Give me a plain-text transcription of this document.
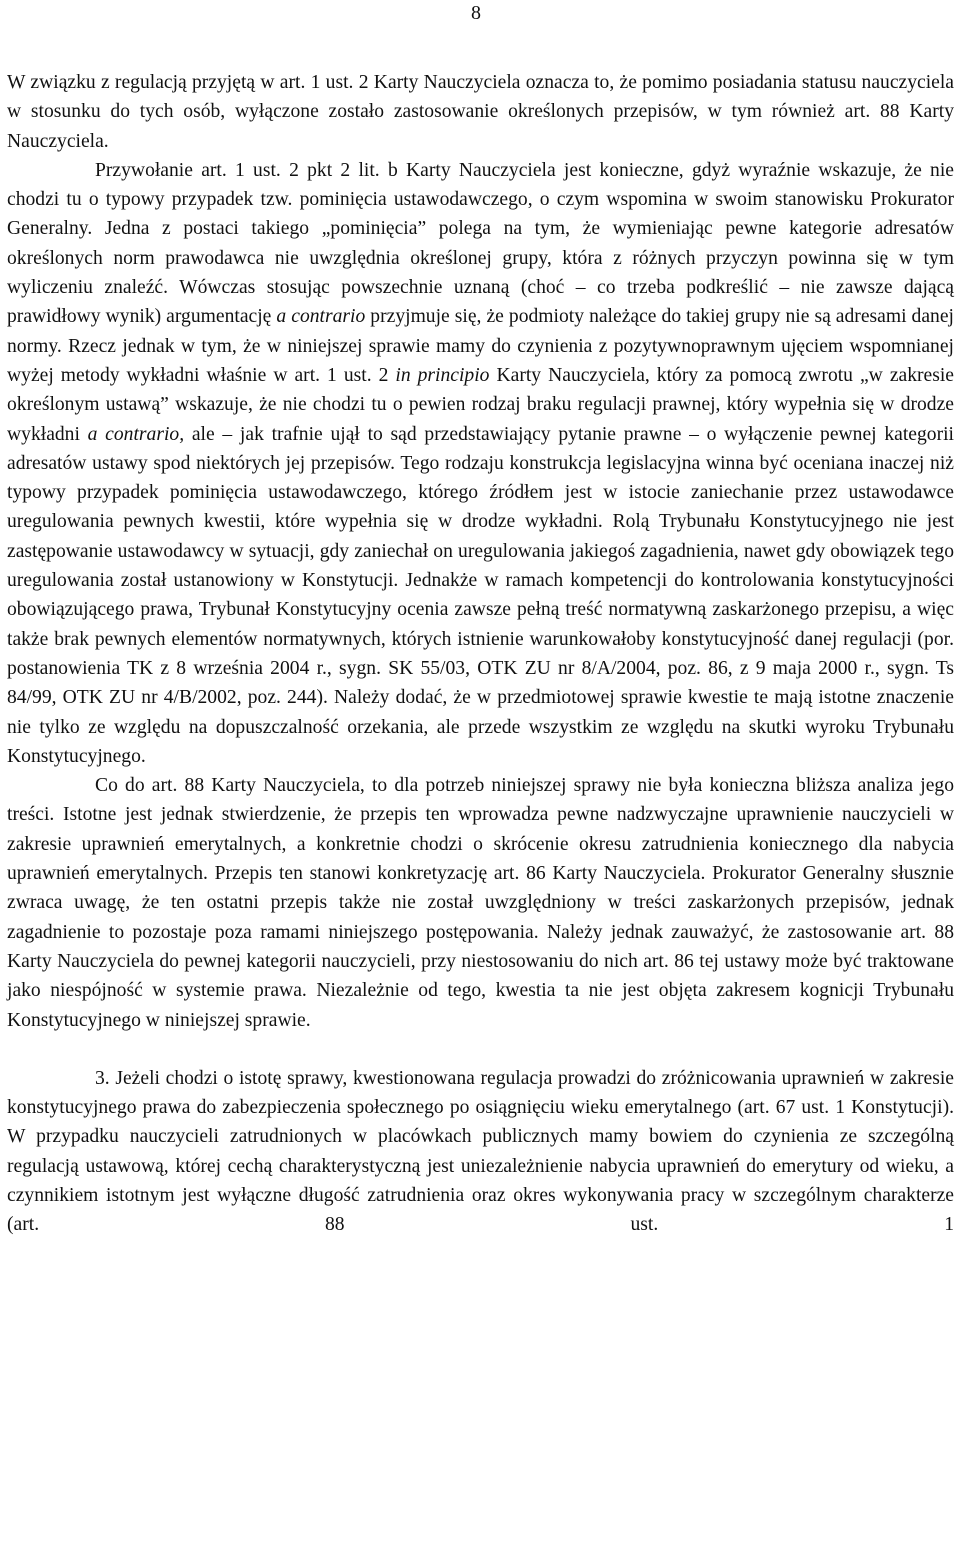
8

W związku z regulacją przyjętą w art. 1 ust. 2 Karty Nauczyciela oznacza to, że pomimo posiadania statusu nauczyciela w stosunku do tych osób, wyłączone zostało zastosowanie określonych przepisów, w tym również art. 88 Karty Nauczyciela.

Przywołanie art. 1 ust. 2 pkt 2 lit. b Karty Nauczyciela jest konieczne, gdyż wyraźnie wskazuje, że nie chodzi tu o typowy przypadek tzw. pominięcia ustawodawczego, o czym wspomina w swoim stanowisku Prokurator Generalny. Jedna z postaci takiego „pominięcia” polega na tym, że wymieniając pewne kategorie adresatów określonych norm prawodawca nie uwzględnia określonej grupy, która z różnych przyczyn powinna się w tym wyliczeniu znaleźć. Wówczas stosując powszechnie uznaną (choć – co trzeba podkreślić – nie zawsze dającą prawidłowy wynik) argumentację a contrario przyjmuje się, że podmioty należące do takiej grupy nie są adresami danej normy. Rzecz jednak w tym, że w niniejszej sprawie mamy do czynienia z pozytywnoprawnym ujęciem wspomnianej wyżej metody wykładni właśnie w art. 1 ust. 2 in principio Karty Nauczyciela, który za pomocą zwrotu „w zakresie określonym ustawą” wskazuje, że nie chodzi tu o pewien rodzaj braku regulacji prawnej, który wypełnia się w drodze wykładni a contrario, ale – jak trafnie ujął to sąd przedstawiający pytanie prawne – o wyłączenie pewnej kategorii adresatów ustawy spod niektórych jej przepisów. Tego rodzaju konstrukcja legislacyjna winna być oceniana inaczej niż typowy przypadek pominięcia ustawodawczego, którego źródłem jest w istocie zaniechanie przez ustawodawce uregulowania pewnych kwestii, które wypełnia się w drodze wykładni. Rolą Trybunału Konstytucyjnego nie jest zastępowanie ustawodawcy w sytuacji, gdy zaniechał on uregulowania jakiegoś zagadnienia, nawet gdy obowiązek tego uregulowania został ustanowiony w Konstytucji. Jednakże w ramach kompetencji do kontrolowania konstytucyjności obowiązującego prawa, Trybunał Konstytucyjny ocenia zawsze pełną treść normatywną zaskarżonego przepisu, a więc także brak pewnych elementów normatywnych, których istnienie warunkowałoby konstytucyjność danej regulacji (por. postanowienia TK z 8 września 2004 r., sygn. SK 55/03, OTK ZU nr 8/A/2004, poz. 86, z 9 maja 2000 r., sygn. Ts 84/99, OTK ZU nr 4/B/2002, poz. 244). Należy dodać, że w przedmiotowej sprawie kwestie te mają istotne znaczenie nie tylko ze względu na dopuszczalność orzekania, ale przede wszystkim ze względu na skutki wyroku Trybunału Konstytucyjnego.

Co do art. 88 Karty Nauczyciela, to dla potrzeb niniejszej sprawy nie była konieczna bliższa analiza jego treści. Istotne jest jednak stwierdzenie, że przepis ten wprowadza pewne nadzwyczajne uprawnienie nauczycieli w zakresie uprawnień emerytalnych, a konkretnie chodzi o skrócenie okresu zatrudnienia koniecznego dla nabycia uprawnień emerytalnych. Przepis ten stanowi konkretyzację art. 86 Karty Nauczyciela. Prokurator Generalny słusznie zwraca uwagę, że ten ostatni przepis także nie został uwzględniony w treści zaskarżonych przepisów, jednak zagadnienie to pozostaje poza ramami niniejszego postępowania. Należy jednak zauważyć, że zastosowanie art. 88 Karty Nauczyciela do pewnej kategorii nauczycieli, przy niestosowaniu do nich art. 86 tej ustawy może być traktowane jako niespójność w systemie prawa. Niezależnie od tego, kwestia ta nie jest objęta zakresem kognicji Trybunału Konstytucyjnego w niniejszej sprawie.

3. Jeżeli chodzi o istotę sprawy, kwestionowana regulacja prowadzi do zróżnicowania uprawnień w zakresie konstytucyjnego prawa do zabezpieczenia społecznego po osiągnięciu wieku emerytalnego (art. 67 ust. 1 Konstytucji). W przypadku nauczycieli zatrudnionych w placówkach publicznych mamy bowiem do czynienia ze szczególną regulacją ustawową, której cechą charakterystyczną jest uniezależnienie nabycia uprawnień do emerytury od wieku, a czynnikiem istotnym jest wyłączne długość zatrudnienia oraz okres wykonywania pracy w szczególnym charakterze (art. 88 ust. 1
